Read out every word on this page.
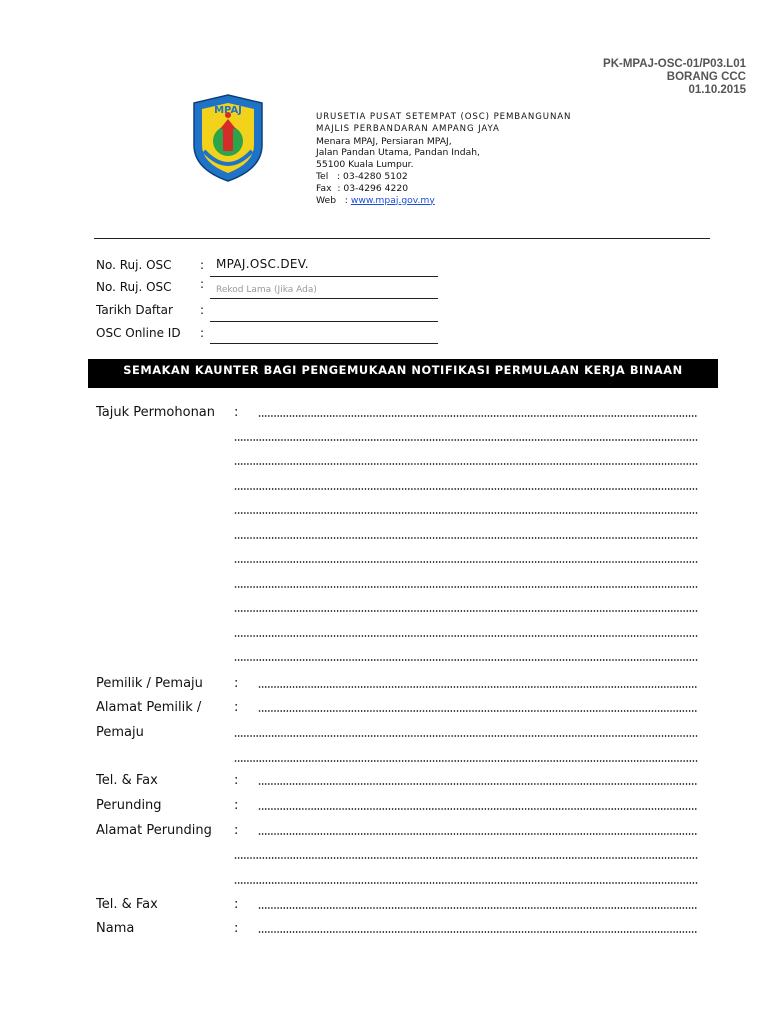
PK-MPAJ-OSC-01/P03.L01
BORANG CCC
01.10.2015
MPAJ
URUSETIA PUSAT SETEMPAT (OSC) PEMBANGUNAN
MAJLIS PERBANDARAN AMPANG JAYA
Menara MPAJ, Persiaran MPAJ,
Jalan Pandan Utama, Pandan Indah,
55100 Kuala Lumpur.
Tel   : 03-4280 5102
Fax  : 03-4296 4220
Web   : www.mpaj.gov.my
No. Ruj. OSC : MPAJ.OSC.DEV.
No. Ruj. OSC : Rekod Lama (Jika Ada)
Tarikh Daftar :
OSC Online ID :
SEMAKAN KAUNTER BAGI PENGEMUKAAN NOTIFIKASI PERMULAAN KERJA BINAAN
Tajuk Permohonan :
Pemilik / Pemaju :
Alamat Pemilik /	:
Pemaju
Tel. & Fax	:
Perunding	:
Alamat Perunding :
Tel. & Fax	:
Nama	:
